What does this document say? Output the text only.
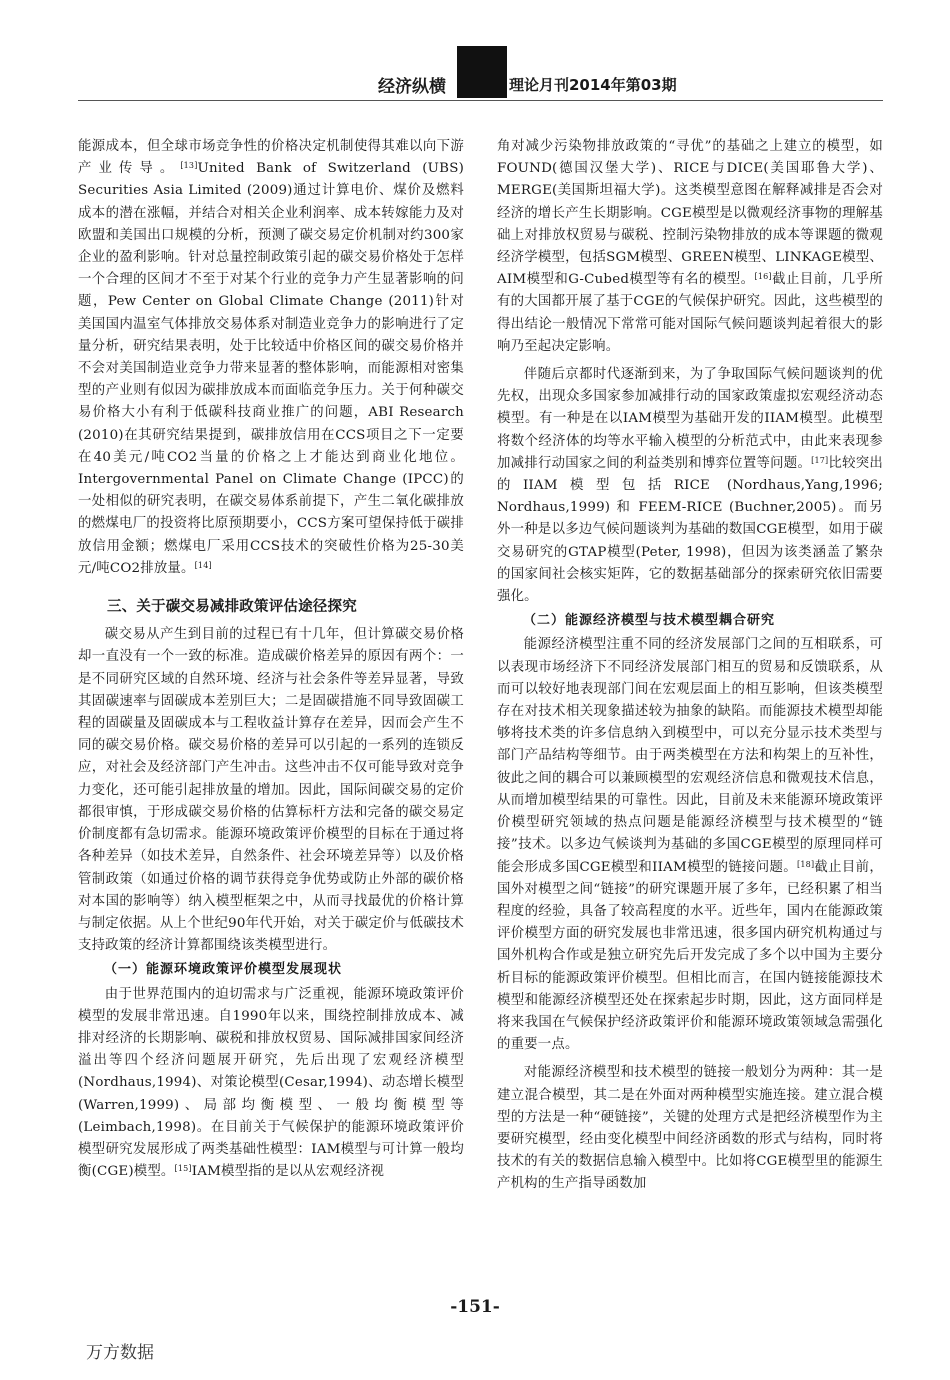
经济纵横	理论月刊2014年第03期

能源成本，但全球市场竞争性的价格决定机制使得其难以向下游产业传导。[13]United Bank of Switzerland (UBS) Securities Asia Limited (2009)通过计算电价、煤价及燃料成本的潜在涨幅，并结合对相关企业利润率、成本转嫁能力及对欧盟和美国出口规模的分析，预测了碳交易定价机制对约300家企业的盈利影响。针对总量控制政策引起的碳交易价格处于怎样一个合理的区间才不至于对某个行业的竞争力产生显著影响的问题，Pew Center on Global Climate Change (2011)针对美国国内温室气体排放交易体系对制造业竞争力的影响进行了定量分析，研究结果表明，处于比较适中价格区间的碳交易价格并不会对美国制造业竞争力带来显著的整体影响，而能源相对密集型的产业则有似因为碳排放成本而面临竞争压力。关于何种碳交易价格大小有利于低碳科技商业推广的问题，ABI Research (2010)在其研究结果提到，碳排放信用在CCS项目之下一定要在40美元/吨CO2当量的价格之上才能达到商业化地位。Intergovernmental Panel on Climate Change (IPCC)的一处相似的研究表明，在碳交易体系前提下，产生二氧化碳排放的燃煤电厂的投资将比原预期要小，CCS方案可望保持低于碳排放信用金额；燃煤电厂采用CCS技术的突破性价格为25-30美元/吨CO2排放量。[14]

三、关于碳交易减排政策评估途径探究

碳交易从产生到目前的过程已有十几年，但计算碳交易价格却一直没有一个一致的标准。造成碳价格差异的原因有两个：一是不同研究区域的自然环境、经济与社会条件等差异显著，导致其固碳速率与固碳成本差别巨大；二是固碳措施不同导致固碳工程的固碳量及固碳成本与工程收益计算存在差异，因而会产生不同的碳交易价格。碳交易价格的差异可以引起的一系列的连锁反应，对社会及经济部门产生冲击。这些冲击不仅可能导致对竞争力变化，还可能引起排放量的增加。因此，国际间碳交易的定价都很审慎，于形成碳交易价格的估算标杆方法和完备的碳交易定价制度都有急切需求。能源环境政策评价模型的目标在于通过将各种差异（如技术差异，自然条件、社会环境差异等）以及价格管制政策（如通过价格的调节获得竞争优势或防止外部的碳价格对本国的影响等）纳入模型框架之中，从而寻找最优的价格计算与制定依据。从上个世纪90年代开始，对关于碳定价与低碳技术支持政策的经济计算都围绕该类模型进行。

（一）能源环境政策评价模型发展现状

由于世界范围内的迫切需求与广泛重视，能源环境政策评价模型的发展非常迅速。自1990年以来，围绕控制排放成本、减排对经济的长期影响、碳税和排放权贸易、国际减排国家间经济溢出等四个经济问题展开研究，先后出现了宏观经济模型(Nordhaus,1994)、对策论模型(Cesar,1994)、动态增长模型(Warren,1999)、局部均衡模型、一般均衡模型等(Leimbach,1998)。在目前关于气候保护的能源环境政策评价模型研究发展形成了两类基础性模型：IAM模型与可计算一般均衡(CGE)模型。[15]IAM模型指的是以从宏观经济视

角对减少污染物排放政策的“寻优”的基础之上建立的模型，如FOUND(德国汉堡大学)、RICE与DICE(美国耶鲁大学)、MERGE(美国斯坦福大学)。这类模型意图在解释减排是否会对经济的增长产生长期影响。CGE模型是以微观经济事物的理解基础上对排放权贸易与碳税、控制污染物排放的成本等课题的微观经济学模型，包括SGM模型、GREEN模型、LINKAGE模型、AIM模型和G-Cubed模型等有名的模型。[16]截止目前，几乎所有的大国都开展了基于CGE的气候保护研究。因此，这些模型的得出结论一般情况下常常可能对国际气候问题谈判起着很大的影响乃至起决定影响。

伴随后京都时代逐渐到来，为了争取国际气候问题谈判的优先权，出现众多国家参加减排行动的国家政策虚拟宏观经济动态模型。有一种是在以IAM模型为基础开发的IIAM模型。此模型将数个经济体的均等水平输入模型的分析范式中，由此来表现参加减排行动国家之间的利益类别和博弈位置等问题。[17]比较突出的IIAM模型包括RICE (Nordhaus,Yang,1996; Nordhaus,1999) 和 FEEM-RICE (Buchner,2005)。而另外一种是以多边气候问题谈判为基础的数国CGE模型，如用于碳交易研究的GTAP模型(Peter, 1998)，但因为该类涵盖了繁杂的国家间社会核实矩阵，它的数据基础部分的探索研究依旧需要强化。

（二）能源经济模型与技术模型耦合研究

能源经济模型注重不同的经济发展部门之间的互相联系，可以表现市场经济下不同经济发展部门相互的贸易和反馈联系，从而可以较好地表现部门间在宏观层面上的相互影响，但该类模型存在对技术相关现象描述较为抽象的缺陷。而能源技术模型却能够将技术类的许多信息纳入到模型中，可以充分显示技术类型与部门产品结构等细节。由于两类模型在方法和构架上的互补性，彼此之间的耦合可以兼顾模型的宏观经济信息和微观技术信息，从而增加模型结果的可靠性。因此，目前及未来能源环境政策评价模型研究领域的热点问题是能源经济模型与技术模型的“链接”技术。以多边气候谈判为基础的多国CGE模型的原理同样可能会形成多国CGE模型和IIAM模型的链接问题。[18]截止目前，国外对模型之间“链接”的研究课题开展了多年，已经积累了相当程度的经验，具备了较高程度的水平。近些年，国内在能源政策评价模型方面的研究发展也非常迅速，很多国内研究机构通过与国外机构合作或是独立研究先后开发完成了多个以中国为主要分析目标的能源政策评价模型。但相比而言，在国内链接能源技术模型和能源经济模型还处在探索起步时期，因此，这方面同样是将来我国在气候保护经济政策评价和能源环境政策领域急需强化的重要一点。

对能源经济模型和技术模型的链接一般划分为两种：其一是建立混合模型，其二是在外面对两种模型实施连接。建立混合模型的方法是一种“硬链接”，关键的处理方式是把经济模型作为主要研究模型，经由变化模型中间经济函数的形式与结构，同时将技术的有关的数据信息输入模型中。比如将CGE模型里的能源生产机构的生产指导函数加

-151-
万方数据
